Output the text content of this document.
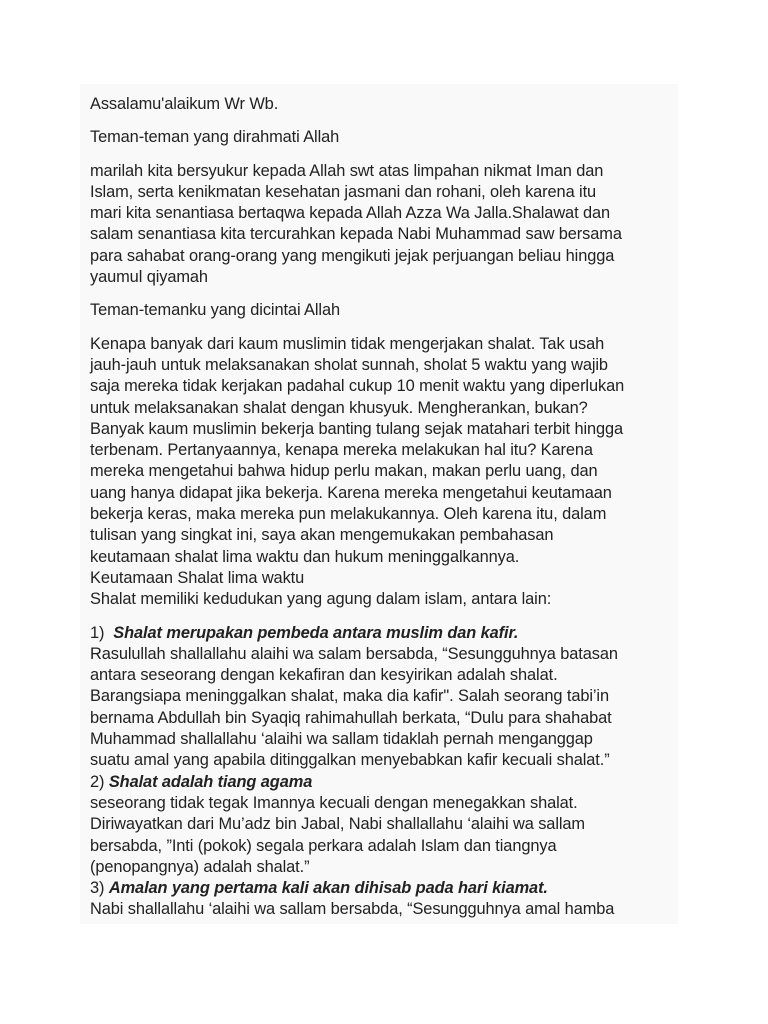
Assalamu'alaikum Wr Wb.
Teman-teman yang dirahmati Allah
marilah kita bersyukur kepada Allah swt atas limpahan nikmat Iman dan
Islam, serta kenikmatan kesehatan jasmani dan rohani, oleh karena itu
mari kita senantiasa bertaqwa kepada Allah Azza Wa Jalla.Shalawat dan
salam senantiasa kita tercurahkan kepada Nabi Muhammad saw bersama
para sahabat orang-orang yang mengikuti jejak perjuangan beliau hingga
yaumul qiyamah
Teman-temanku yang dicintai Allah
Kenapa banyak dari kaum muslimin tidak mengerjakan shalat. Tak usah
jauh-jauh untuk melaksanakan sholat sunnah, sholat 5 waktu yang wajib
saja mereka tidak kerjakan padahal cukup 10 menit waktu yang diperlukan
untuk melaksanakan shalat dengan khusyuk. Mengherankan, bukan?
Banyak kaum muslimin bekerja banting tulang sejak matahari terbit hingga
terbenam. Pertanyaannya, kenapa mereka melakukan hal itu? Karena
mereka mengetahui bahwa hidup perlu makan, makan perlu uang, dan
uang hanya didapat jika bekerja. Karena mereka mengetahui keutamaan
bekerja keras, maka mereka pun melakukannya. Oleh karena itu, dalam
tulisan yang singkat ini, saya akan mengemukakan pembahasan
keutamaan shalat lima waktu dan hukum meninggalkannya.
Keutamaan Shalat lima waktu
Shalat memiliki kedudukan yang agung dalam islam, antara lain:
1) Shalat merupakan pembeda antara muslim dan kafir.
Rasulullah shallallahu alaihi wa salam bersabda, “Sesungguhnya batasan
antara seseorang dengan kekafiran dan kesyirikan adalah shalat.
Barangsiapa meninggalkan shalat, maka dia kafir". Salah seorang tabi’in
bernama Abdullah bin Syaqiq rahimahullah berkata, “Dulu para shahabat
Muhammad shallallahu ‘alaihi wa sallam tidaklah pernah menganggap
suatu amal yang apabila ditinggalkan menyebabkan kafir kecuali shalat.”
2) Shalat adalah tiang agama
seseorang tidak tegak Imannya kecuali dengan menegakkan shalat.
Diriwayatkan dari Mu’adz bin Jabal, Nabi shallallahu ‘alaihi wa sallam
bersabda, ”Inti (pokok) segala perkara adalah Islam dan tiangnya
(penopangnya) adalah shalat.”
3) Amalan yang pertama kali akan dihisab pada hari kiamat.
Nabi shallallahu ‘alaihi wa sallam bersabda, “Sesungguhnya amal hamba
